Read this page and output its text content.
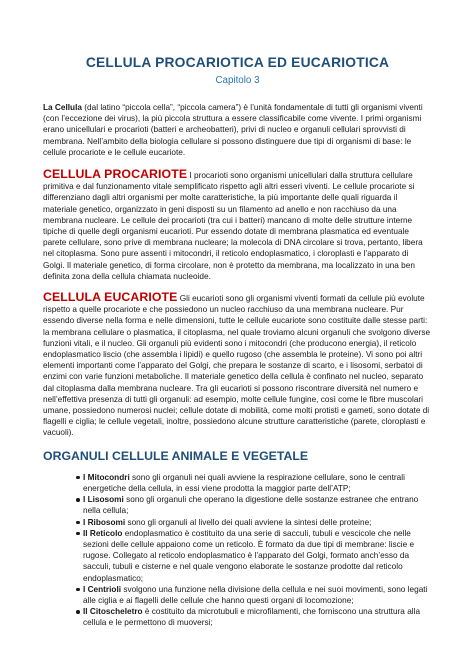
CELLULA PROCARIOTICA ED EUCARIOTICA
Capitolo 3

La Cellula (dal latino “piccola cella”, “piccola camera”) è l’unità fondamentale di tutti gli organismi viventi (con l’eccezione dei virus), la più piccola struttura a essere classificabile come vivente. I primi organismi erano unicellulari e procarioti (batteri e archeobatteri), privi di nucleo e organuli cellulari sprovvisti di membrana. Nell’ambito della biologia cellulare si possono distinguere due tipi di organismi di base: le cellule procariote e le cellule eucariote.

CELLULA PROCARIOTE I procarioti sono organismi unicellulari dalla struttura cellulare primitiva e dal funzionamento vitale semplificato rispetto agli altri esseri viventi. Le cellule procariote si differenziano dagli altri organismi per molte caratteristiche, la più importante delle quali riguarda il materiale genetico, organizzato in geni disposti su un filamento ad anello e non racchiuso da una membrana nucleare. Le cellule dei procarioti (tra cui i batteri) mancano di molte delle strutture interne tipiche di quelle degli organismi eucarioti. Pur essendo dotate di membrana plasmatica ed eventuale parete cellulare, sono prive di membrana nucleare; la molecola di DNA circolare si trova, pertanto, libera nel citoplasma. Sono pure assenti i mitocondri, il reticolo endoplasmatico, i cloroplasti e l’apparato di Golgi. Il materiale genetico, di forma circolare, non è protetto da membrana, ma localizzato in una ben definita zona della cellula chiamata nucleoide.

CELLULA EUCARIOTE Gli eucarioti sono gli organismi viventi formati da cellule più evolute rispetto a quelle procariote e che possiedono un nucleo racchiuso da una membrana nucleare. Pur essendo diverse nella forma e nelle dimensioni, tutte le cellule eucariote sono costituite dalle stesse parti: la membrana cellulare o plasmatica, il citoplasma, nel quale troviamo alcuni organuli che svolgono diverse funzioni vitali, e il nucleo. Gli organuli più evidenti sono i mitocondri (che producono energia), il reticolo endoplasmatico liscio (che assembla i lipidi) e quello rugoso (che assembla le proteine). Vi sono poi altri elementi importanti come l’apparato del Golgi, che prepara le sostanze di scarto, e i lisosomi, serbatoi di enzimi con varie funzioni metaboliche. Il materiale genetico della cellula è confinato nel nucleo, separato dal citoplasma dalla membrana nucleare. Tra gli eucarioti si possono riscontrare diversità nel numero e nell’effettiva presenza di tutti gli organuli: ad esempio, molte cellule fungine, così come le fibre muscolari umane, possiedono numerosi nuclei; cellule dotate di mobilità, come molti protisti e gameti, sono dotate di flagelli e ciglia; le cellule vegetali, inoltre, possiedono alcune strutture caratteristiche (parete, cloroplasti e vacuoli).

ORGANULI CELLULE ANIMALE E VEGETALE
I Mitocondri sono gli organuli nei quali avviene la respirazione cellulare, sono le centrali energetiche della cellula, in essi viene prodotta la maggior parte dell’ATP;
I Lisosomi sono gli organuli che operano la digestione delle sostanze estranee che entrano nella cellula;
I Ribosomi sono gli organuli al livello dei quali avviene la sintesi delle proteine;
Il Reticolo endoplasmatico è costituito da una serie di sacculi, tubuli e vescicole che nelle sezioni delle cellule appaiono come un reticolo. È formato da due tipi di membrane: liscie e rugose. Collegato al reticolo endoplasmatico è l’apparato del Golgi, formato anch’esso da sacculi, tubuli e cisterne e nel quale vengono elaborate le sostanze prodotte dal reticolo endoplasmatico;
I Centrioli svolgono una funzione nella divisione della cellula e nei suoi movimenti, sono legati alle ciglia e ai flagelli delle cellule che hanno questi organi di locomozione;
Il Citoscheletro è costituito da microtubuli e microfilamenti, che forniscono una struttura alla cellula e le permettono di muoversi;
